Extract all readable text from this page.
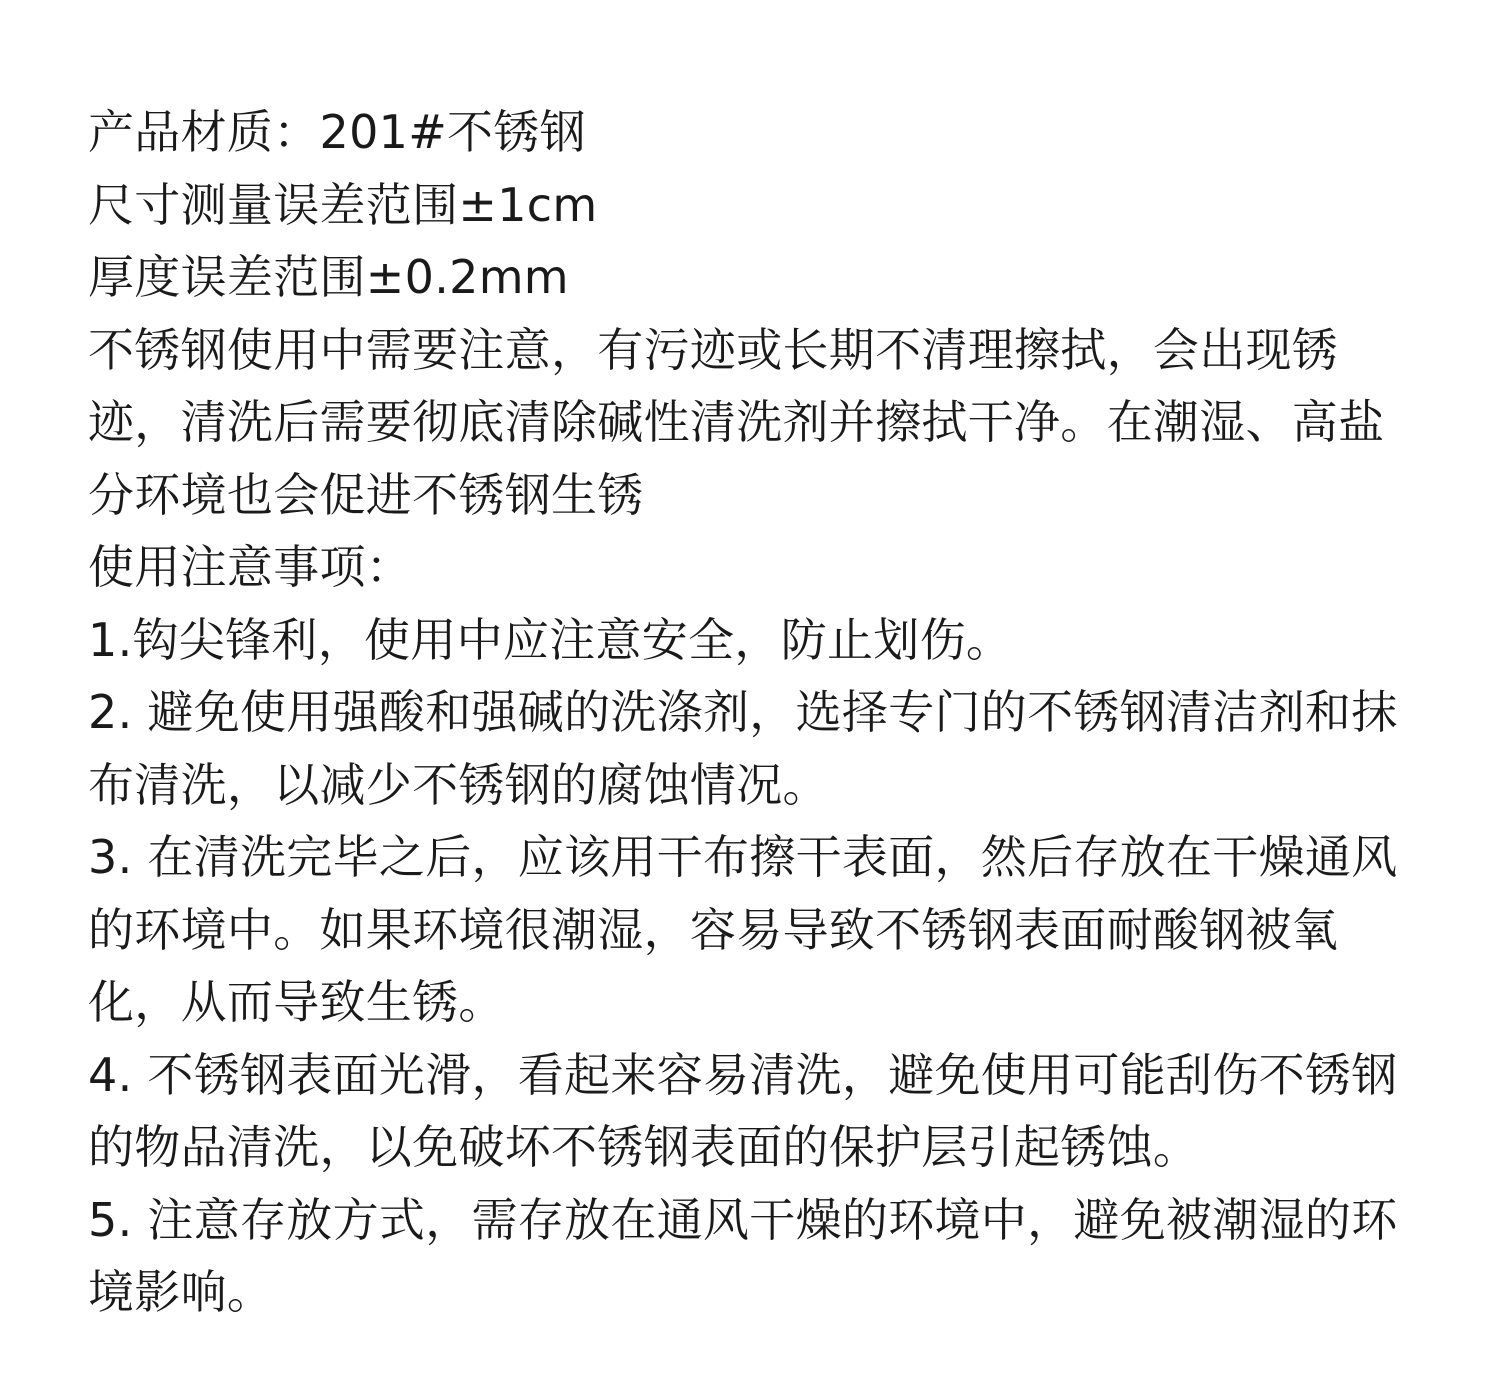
产品材质：201#不锈钢
尺寸测量误差范围±1cm
厚度误差范围±0.2mm
不锈钢使用中需要注意，有污迹或长期不清理擦拭，会出现锈迹，清洗后需要彻底清除碱性清洗剂并擦拭干净。在潮湿、高盐分环境也会促进不锈钢生锈
使用注意事项：
1.钩尖锋利，使用中应注意安全，防止划伤。
2. 避免使用强酸和强碱的洗涤剂，选择专门的不锈钢清洁剂和抹布清洗，以减少不锈钢的腐蚀情况。
3. 在清洗完毕之后，应该用干布擦干表面，然后存放在干燥通风的环境中。如果环境很潮湿，容易导致不锈钢表面耐酸钢被氧化，从而导致生锈。
4. 不锈钢表面光滑，看起来容易清洗，避免使用可能刮伤不锈钢的物品清洗，以免破坏不锈钢表面的保护层引起锈蚀。
5. 注意存放方式，需存放在通风干燥的环境中，避免被潮湿的环境影响。
